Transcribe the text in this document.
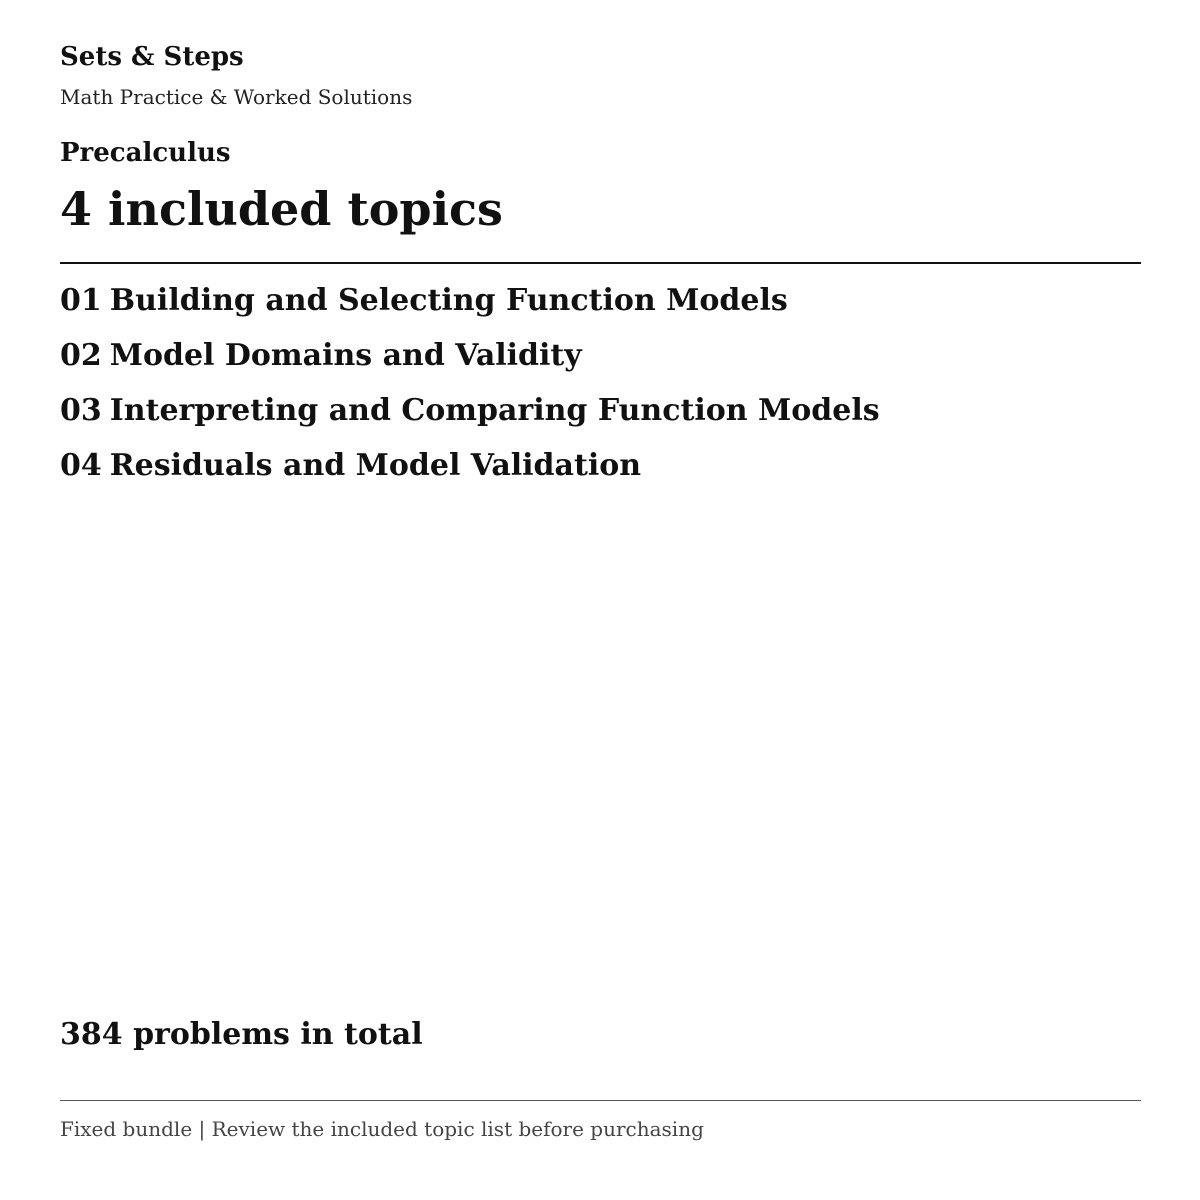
Sets & Steps

Math Practice & Worked Solutions

Precalculus

4 included topics
01 Building and Selecting Function Models
02 Model Domains and Validity
03 Interpreting and Comparing Function Models
04 Residuals and Model Validation

384 problems in total

Fixed bundle | Review the included topic list before purchasing
